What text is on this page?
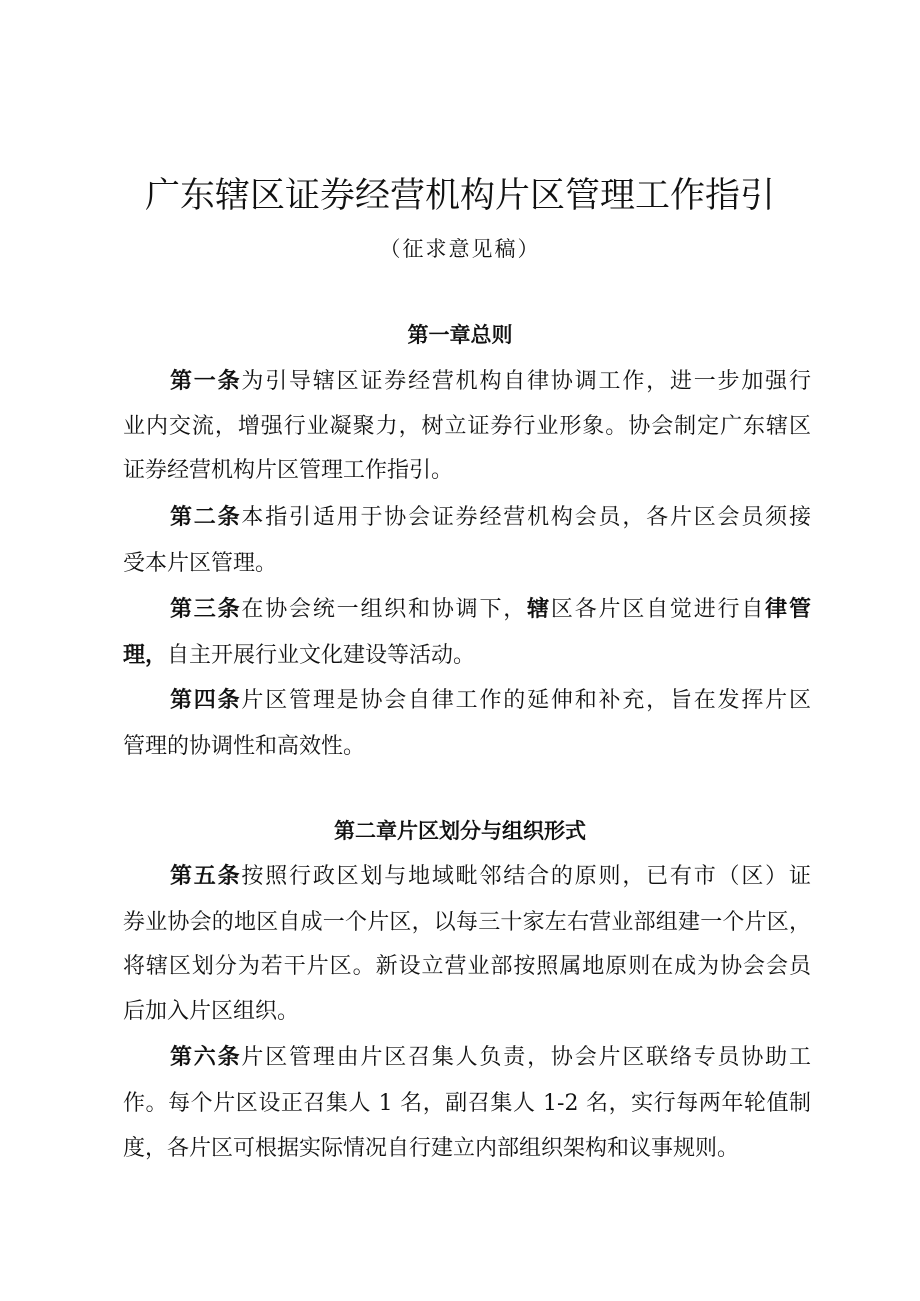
广东辖区证券经营机构片区管理工作指引

（征求意见稿）

第一章总则
第一条为引导辖区证券经营机构自律协调工作，进一步加强行
业内交流，增强行业凝聚力，树立证券行业形象。协会制定广东辖区
证券经营机构片区管理工作指引。
第二条本指引适用于协会证券经营机构会员，各片区会员须接
受本片区管理。
第三条在协会统一组织和协调下，辖区各片区自觉进行自律管
理，自主开展行业文化建设等活动。
第四条片区管理是协会自律工作的延伸和补充，旨在发挥片区
管理的协调性和高效性。
第二章片区划分与组织形式
第五条按照行政区划与地域毗邻结合的原则，已有市（区）证
券业协会的地区自成一个片区，以每三十家左右营业部组建一个片区，
将辖区划分为若干片区。新设立营业部按照属地原则在成为协会会员
后加入片区组织。
第六条片区管理由片区召集人负责，协会片区联络专员协助工
作。每个片区设正召集人 1 名，副召集人 1-2 名，实行每两年轮值制
度，各片区可根据实际情况自行建立内部组织架构和议事规则。
